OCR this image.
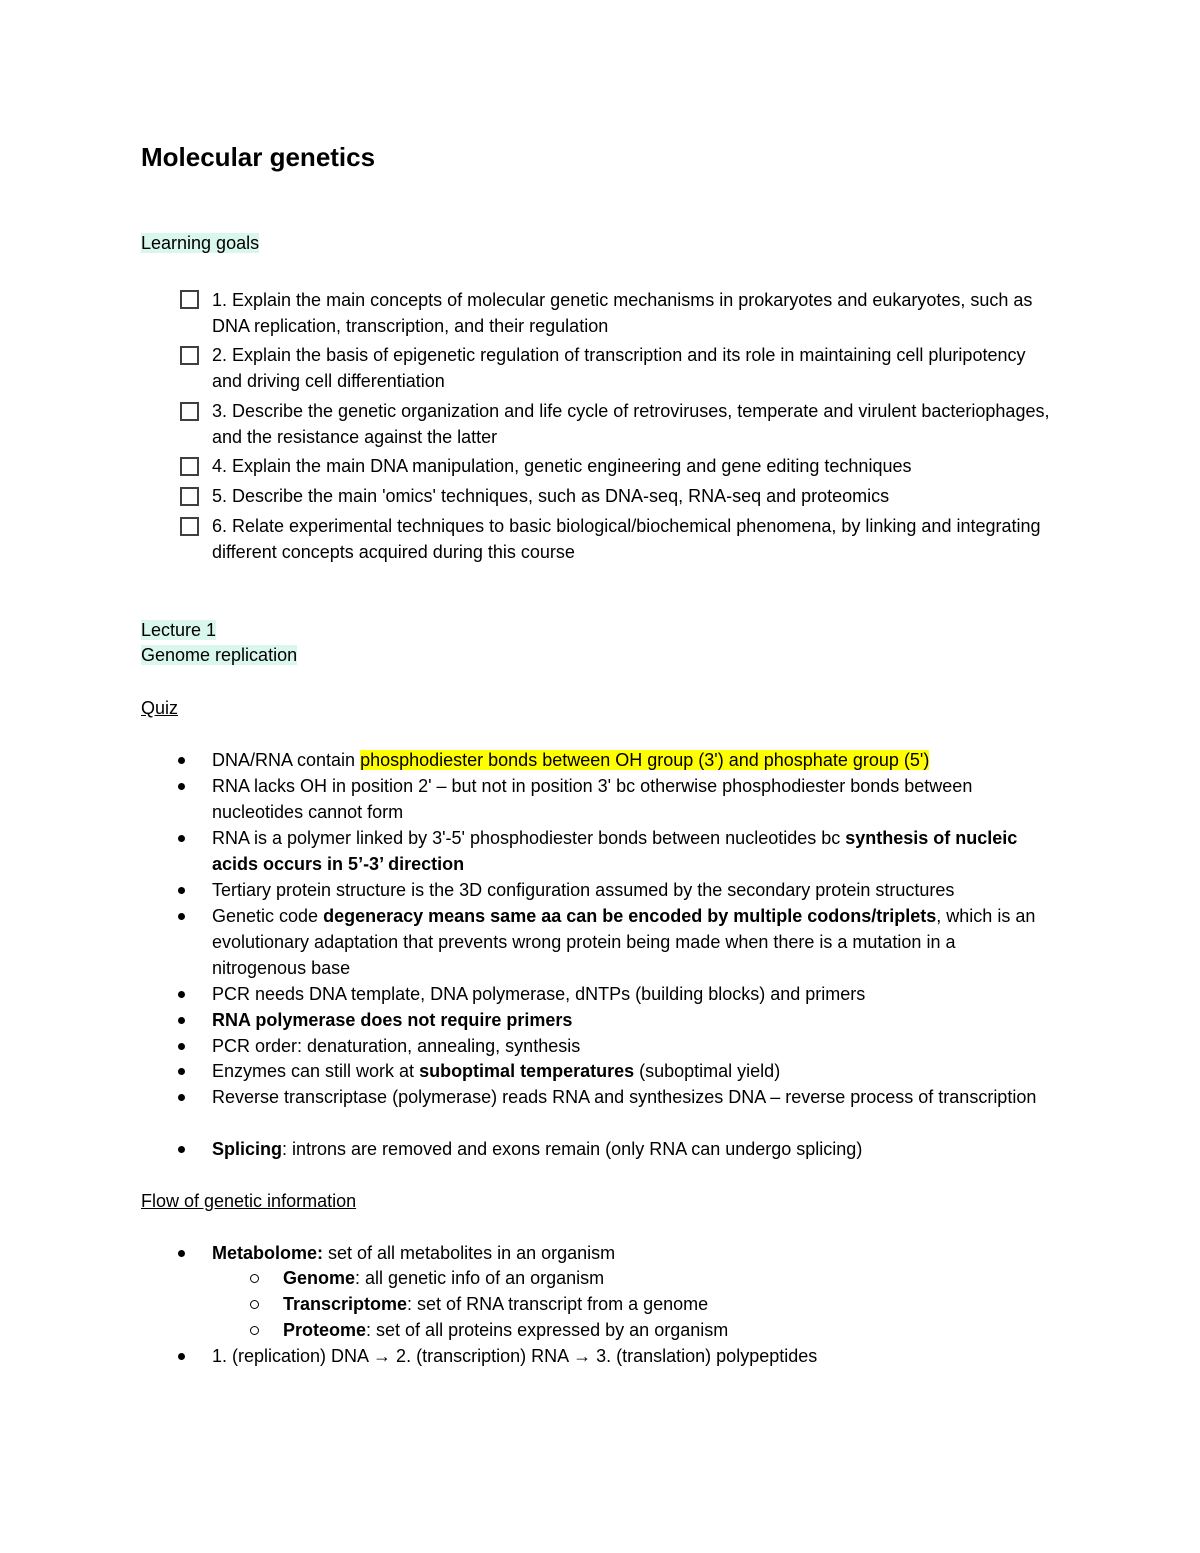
Molecular genetics
Learning goals
1. Explain the main concepts of molecular genetic mechanisms in prokaryotes and eukaryotes, such as DNA replication, transcription, and their regulation
2. Explain the basis of epigenetic regulation of transcription and its role in maintaining cell pluripotency and driving cell differentiation
3. Describe the genetic organization and life cycle of retroviruses, temperate and virulent bacteriophages, and the resistance against the latter
4. Explain the main DNA manipulation, genetic engineering and gene editing techniques
5. Describe the main 'omics' techniques, such as DNA-seq, RNA-seq and proteomics
6. Relate experimental techniques to basic biological/biochemical phenomena, by linking and integrating different concepts acquired during this course
Lecture 1
Genome replication
Quiz
DNA/RNA contain phosphodiester bonds between OH group (3') and phosphate group (5')
RNA lacks OH in position 2' – but not in position 3' bc otherwise phosphodiester bonds between nucleotides cannot form
RNA is a polymer linked by 3'-5' phosphodiester bonds between nucleotides bc synthesis of nucleic acids occurs in 5’-3’ direction
Tertiary protein structure is the 3D configuration assumed by the secondary protein structures
Genetic code degeneracy means same aa can be encoded by multiple codons/triplets, which is an evolutionary adaptation that prevents wrong protein being made when there is a mutation in a nitrogenous base
PCR needs DNA template, DNA polymerase, dNTPs (building blocks) and primers
RNA polymerase does not require primers
PCR order: denaturation, annealing, synthesis
Enzymes can still work at suboptimal temperatures (suboptimal yield)
Reverse transcriptase (polymerase) reads RNA and synthesizes DNA – reverse process of transcription
Splicing: introns are removed and exons remain (only RNA can undergo splicing)
Flow of genetic information
Metabolome: set of all metabolites in an organism
Genome: all genetic info of an organism
Transcriptome: set of RNA transcript from a genome
Proteome: set of all proteins expressed by an organism
1. (replication) DNA → 2. (transcription) RNA → 3. (translation) polypeptides
